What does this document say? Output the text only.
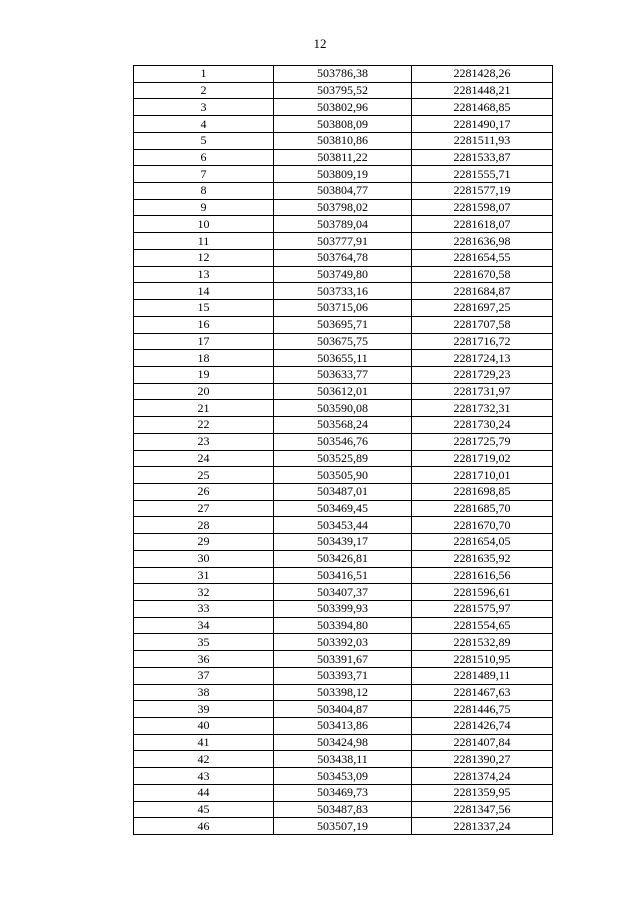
12
1	503786,38	2281428,26
2	503795,52	2281448,21
3	503802,96	2281468,85
4	503808,09	2281490,17
5	503810,86	2281511,93
6	503811,22	2281533,87
7	503809,19	2281555,71
8	503804,77	2281577,19
9	503798,02	2281598,07
10	503789,04	2281618,07
11	503777,91	2281636,98
12	503764,78	2281654,55
13	503749,80	2281670,58
14	503733,16	2281684,87
15	503715,06	2281697,25
16	503695,71	2281707,58
17	503675,75	2281716,72
18	503655,11	2281724,13
19	503633,77	2281729,23
20	503612,01	2281731,97
21	503590,08	2281732,31
22	503568,24	2281730,24
23	503546,76	2281725,79
24	503525,89	2281719,02
25	503505,90	2281710,01
26	503487,01	2281698,85
27	503469,45	2281685,70
28	503453,44	2281670,70
29	503439,17	2281654,05
30	503426,81	2281635,92
31	503416,51	2281616,56
32	503407,37	2281596,61
33	503399,93	2281575,97
34	503394,80	2281554,65
35	503392,03	2281532,89
36	503391,67	2281510,95
37	503393,71	2281489,11
38	503398,12	2281467,63
39	503404,87	2281446,75
40	503413,86	2281426,74
41	503424,98	2281407,84
42	503438,11	2281390,27
43	503453,09	2281374,24
44	503469,73	2281359,95
45	503487,83	2281347,56
46	503507,19	2281337,24
